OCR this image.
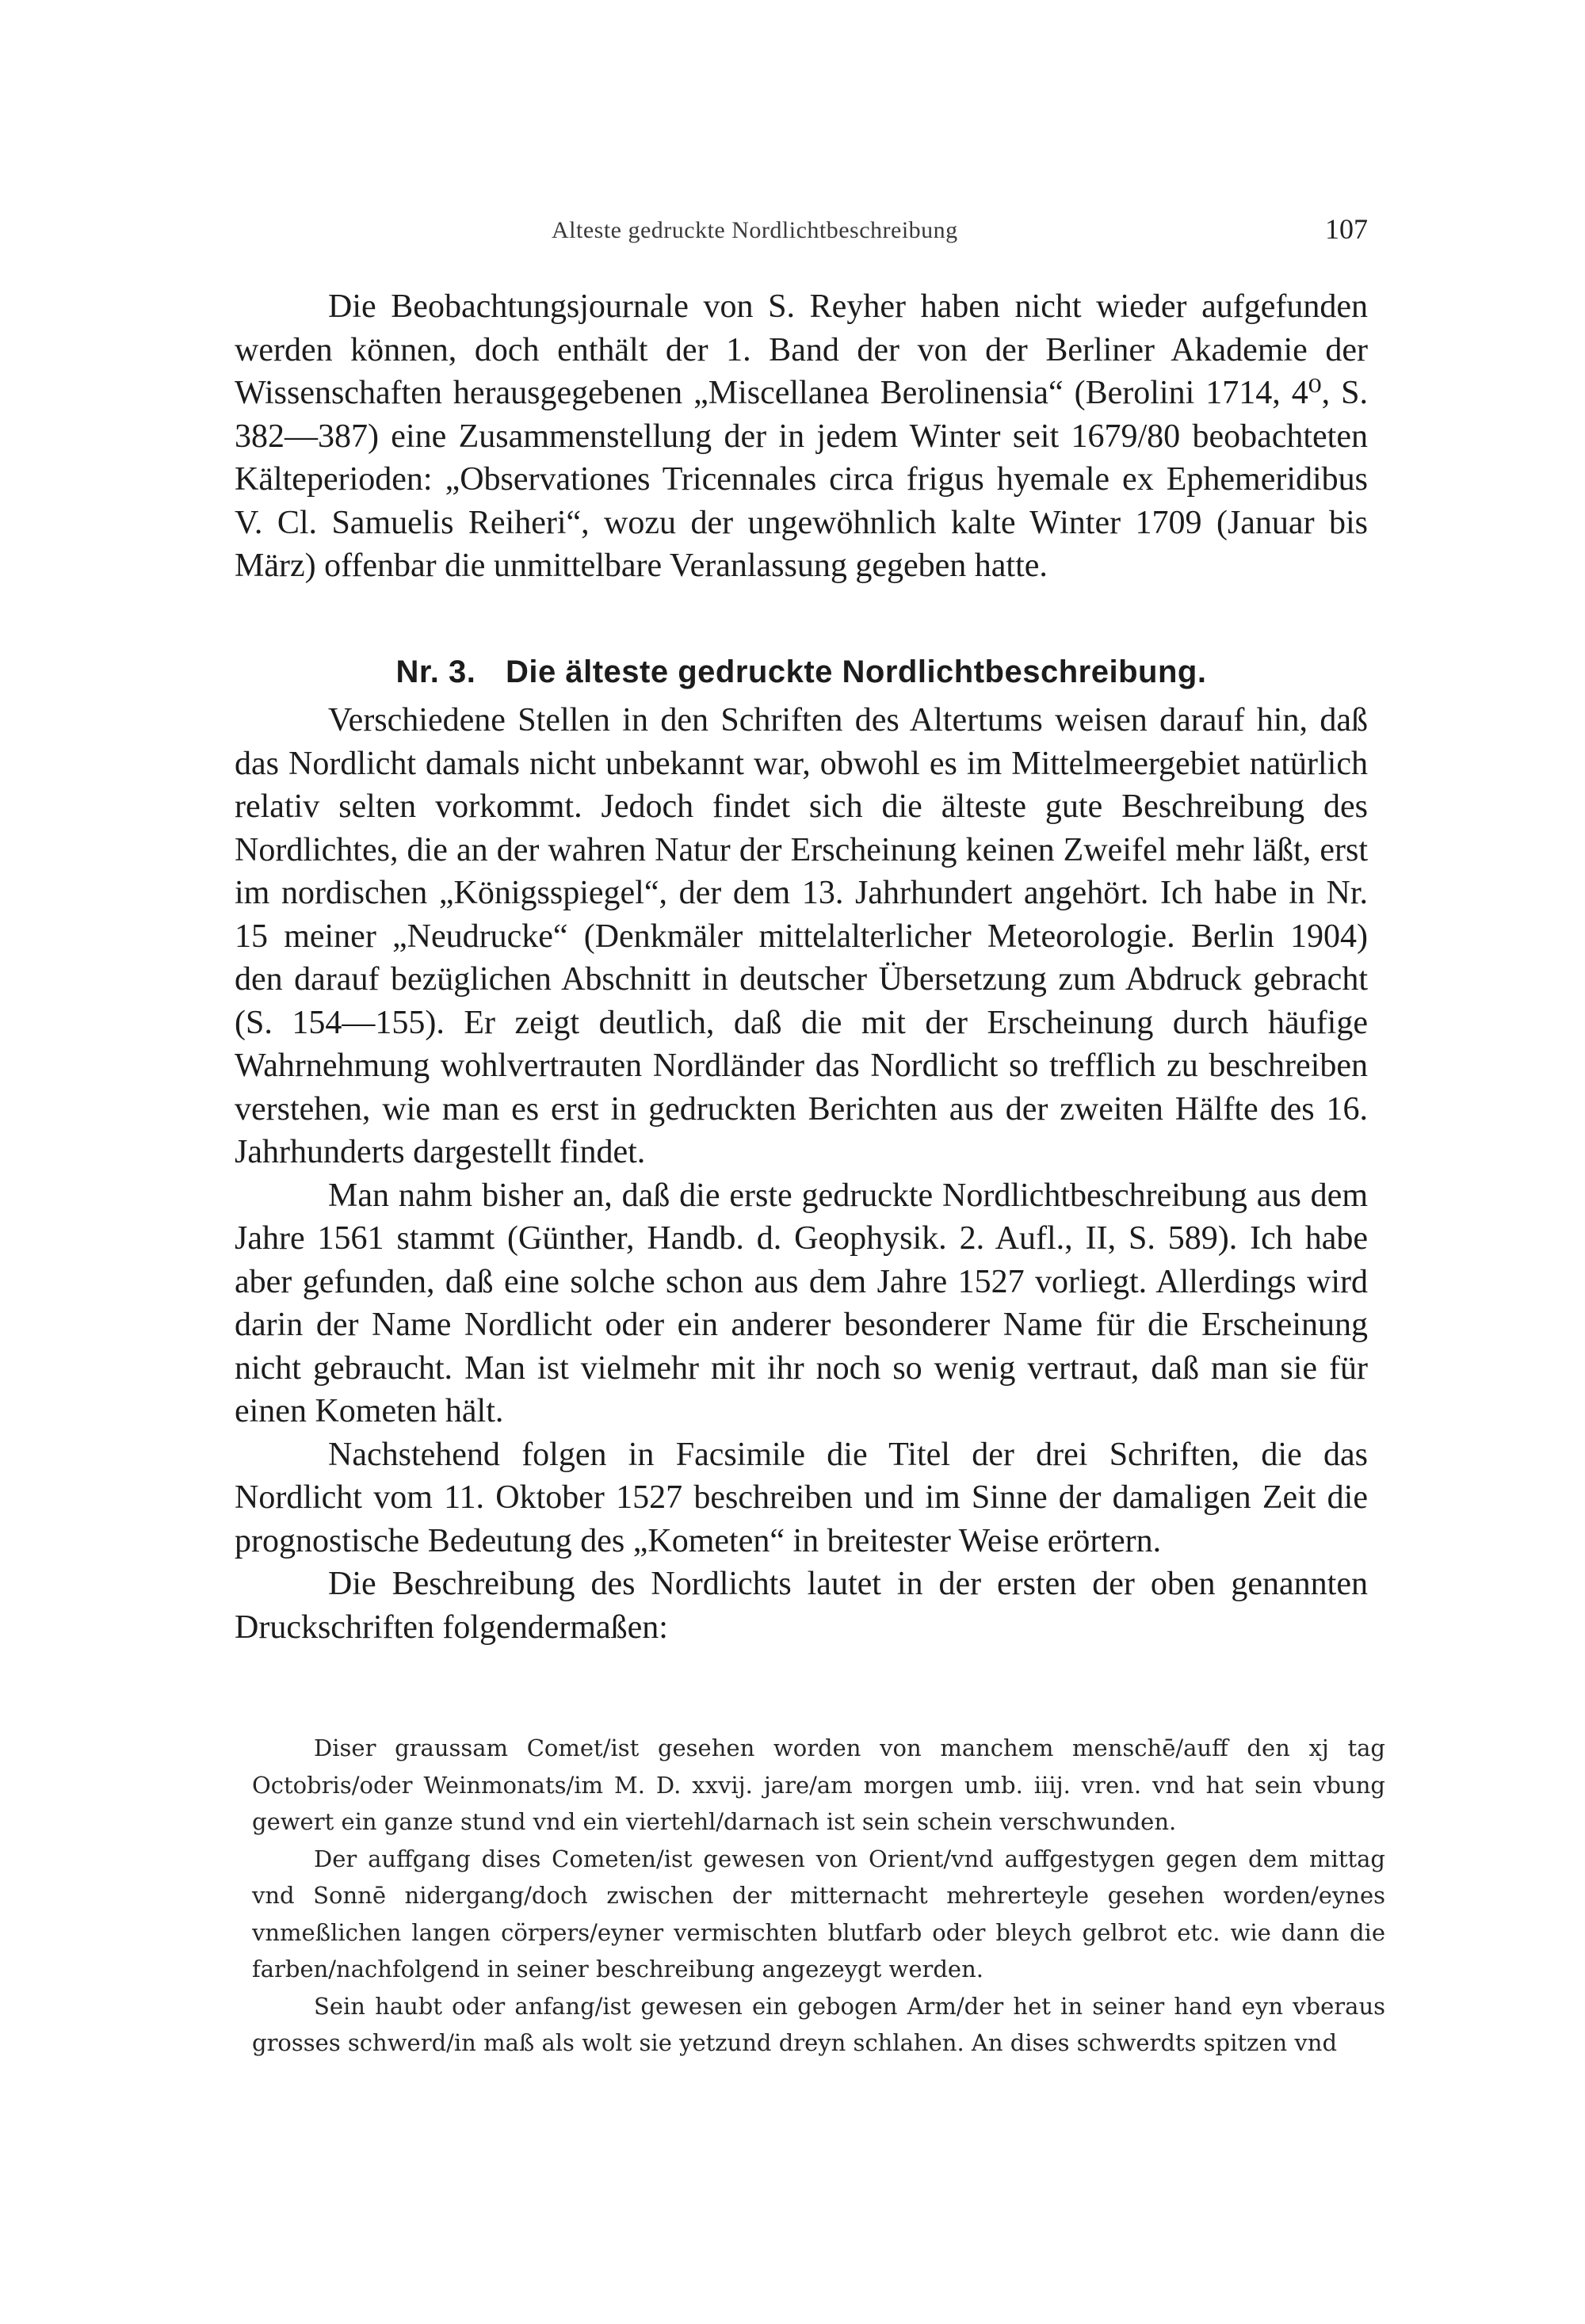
Alteste gedruckte Nordlichtbeschreibung	107

Die Beobachtungsjournale von S. Reyher haben nicht wieder aufgefunden werden können, doch enthält der 1. Band der von der Berliner Akademie der Wissenschaften herausgegebenen „Miscellanea Berolinensia“ (Berolini 1714, 4⁰, S. 382—387) eine Zusammenstellung der in jedem Winter seit 1679/80 beobachteten Kälteperioden: „Observationes Tricennales circa frigus hyemale ex Ephemeridibus V. Cl. Samuelis Reiheri“, wozu der ungewöhnlich kalte Winter 1709 (Januar bis März) offenbar die unmittelbare Veranlassung gegeben hatte.

Nr. 3. Die älteste gedruckte Nordlichtbeschreibung.

Verschiedene Stellen in den Schriften des Altertums weisen darauf hin, daß das Nordlicht damals nicht unbekannt war, obwohl es im Mittelmeergebiet natürlich relativ selten vorkommt. Jedoch findet sich die älteste gute Beschreibung des Nordlichtes, die an der wahren Natur der Erscheinung keinen Zweifel mehr läßt, erst im nordischen „Königsspiegel“, der dem 13. Jahrhundert angehört. Ich habe in Nr. 15 meiner „Neudrucke“ (Denkmäler mittelalterlicher Meteorologie. Berlin 1904) den darauf bezüglichen Abschnitt in deutscher Übersetzung zum Abdruck gebracht (S. 154—155). Er zeigt deutlich, daß die mit der Erscheinung durch häufige Wahrnehmung wohlvertrauten Nordländer das Nordlicht so trefflich zu beschreiben verstehen, wie man es erst in gedruckten Berichten aus der zweiten Hälfte des 16. Jahrhunderts dargestellt findet.

Man nahm bisher an, daß die erste gedruckte Nordlichtbeschreibung aus dem Jahre 1561 stammt (Günther, Handb. d. Geophysik. 2. Aufl., II, S. 589). Ich habe aber gefunden, daß eine solche schon aus dem Jahre 1527 vorliegt. Allerdings wird darin der Name Nordlicht oder ein anderer besonderer Name für die Erscheinung nicht gebraucht. Man ist vielmehr mit ihr noch so wenig vertraut, daß man sie für einen Kometen hält.

Nachstehend folgen in Facsimile die Titel der drei Schriften, die das Nordlicht vom 11. Oktober 1527 beschreiben und im Sinne der damaligen Zeit die prognostische Bedeutung des „Kometen“ in breitester Weise erörtern.

Die Beschreibung des Nordlichts lautet in der ersten der oben genannten Druckschriften folgendermaßen:

Diser graussam Comet/ist gesehen worden von manchem menschē/auff den xj tag Octobris/oder Weinmonats/im M. D. xxvij. jare/am morgen umb. iiij. vren. vnd hat sein vbung gewert ein ganze stund vnd ein viertehl/darnach ist sein schein verschwunden.

Der auffgang dises Cometen/ist gewesen von Orient/vnd auffgestygen gegen dem mittag vnd Sonnē nidergang/doch zwischen der mitternacht mehrerteyle gesehen worden/eynes vnmeßlichen langen cörpers/eyner vermischten blutfarb oder bleych gelbrot etc. wie dann die farben/nachfolgend in seiner beschreibung angezeygt werden.

Sein haubt oder anfang/ist gewesen ein gebogen Arm/der het in seiner hand eyn vberaus grosses schwerd/in maß als wolt sie yetzund dreyn schlahen. An dises schwerdts spitzen vnd
